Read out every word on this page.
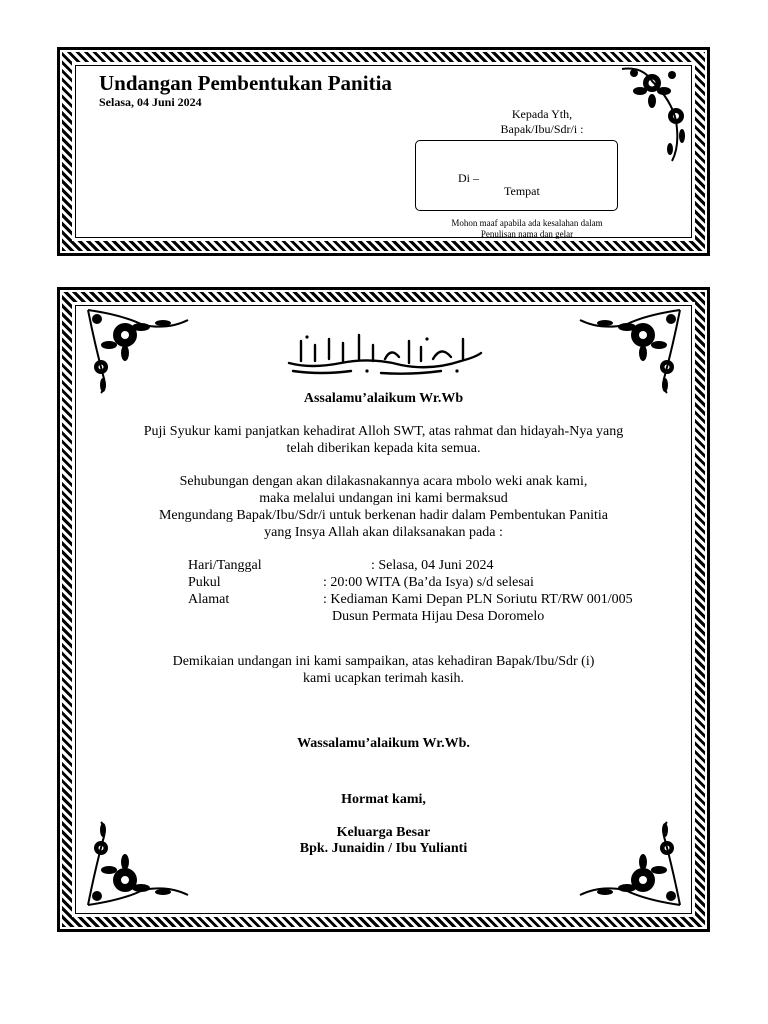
Undangan Pembentukan Panitia
Selasa, 04 Juni 2024
Kepada Yth,
Bapak/Ibu/Sdr/i :
Di –
Tempat
Mohon maaf apabila ada kesalahan dalam
Penulisan nama dan gelar
Assalamu’alaikum Wr.Wb
Puji Syukur kami panjatkan kehadirat Alloh SWT, atas rahmat dan hidayah-Nya yang
telah diberikan kepada kita semua.
Sehubungan dengan akan dilakasnakannya acara mbolo weki anak kami,
maka melalui undangan ini kami bermaksud
Mengundang Bapak/Ibu/Sdr/i untuk berkenan hadir dalam Pembentukan Panitia
yang Insya Allah akan dilaksanakan pada :
Hari/Tanggal	: Selasa, 04 Juni 2024
Pukul	: 20:00 WITA (Ba’da Isya) s/d selesai
Alamat	: Kediaman Kami Depan PLN Soriutu RT/RW 001/005
Dusun Permata Hijau Desa Doromelo
Demikaian undangan ini kami sampaikan, atas kehadiran Bapak/Ibu/Sdr (i)
kami ucapkan terimah kasih.
Wassalamu’alaikum Wr.Wb.
Hormat kami,
Keluarga Besar
Bpk. Junaidin / Ibu Yulianti
